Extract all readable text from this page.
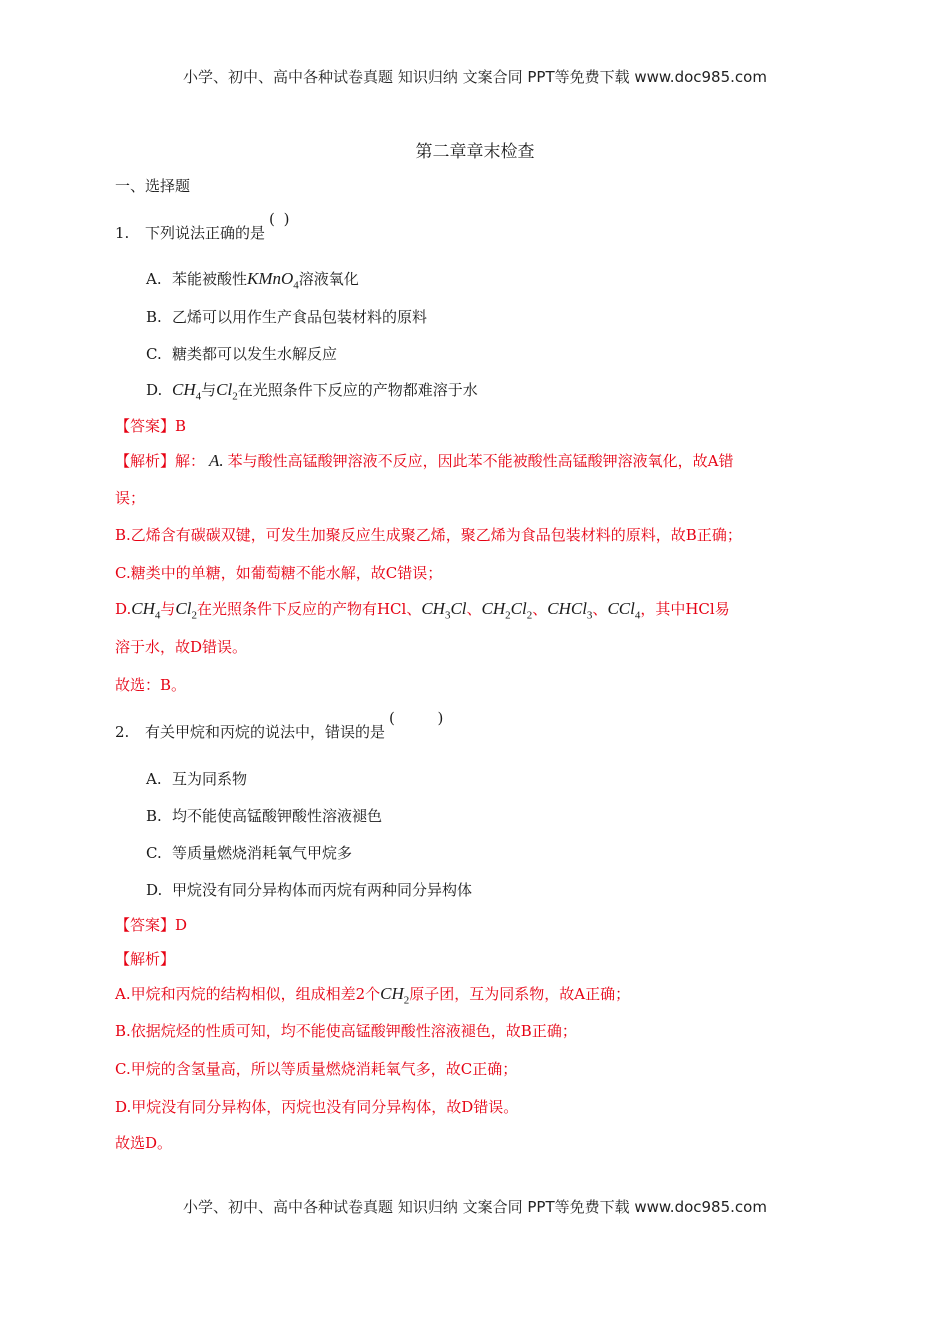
小学、初中、高中各种试卷真题 知识归纳 文案合同 PPT等免费下载 www.doc985.com
第二章章末检查
一、选择题
1. 下列说法正确的是( )
A. 苯能被酸性KMnO$_4$溶液氧化
B. 乙烯可以用作生产食品包装材料的原料
C. 糖类都可以发生水解反应
D. $CH_4$与$Cl_2$在光照条件下反应的产物都难溶于水
【答案】B
【解析】解： A. 苯与酸性高锰酸钾溶液不反应，因此苯不能被酸性高锰酸钾溶液氧化，故A错
误；
B.乙烯含有碳碳双键，可发生加聚反应生成聚乙烯，聚乙烯为食品包装材料的原料，故B正确；
C.糖类中的单糖，如葡萄糖不能水解，故C错误；
$D.CH_4$与$Cl_2$在光照条件下反应的产物有HCl、$CH_3Cl$、$CH_2Cl_2$、CHCl$_3$、CCl$_4$，其中HCl易
溶于水，故D错误。
故选：B。
2. 有关甲烷和丙烷的说法中，错误的是(      )
A. 互为同系物
B. 均不能使高锰酸钾酸性溶液褪色
C. 等质量燃烧消耗氧气甲烷多
D. 甲烷没有同分异构体而丙烷有两种同分异构体
【答案】D
【解析】
A.甲烷和丙烷的结构相似，组成相差2个$CH_2$原子团，互为同系物，故A正确；
B.依据烷烃的性质可知，均不能使高锰酸钾酸性溶液褪色，故B正确；
C.甲烷的含氢量高，所以等质量燃烧消耗氧气多，故C正确；
D.甲烷没有同分异构体，丙烷也没有同分异构体，故D错误。
故选D。
小学、初中、高中各种试卷真题 知识归纳 文案合同 PPT等免费下载 www.doc985.com
